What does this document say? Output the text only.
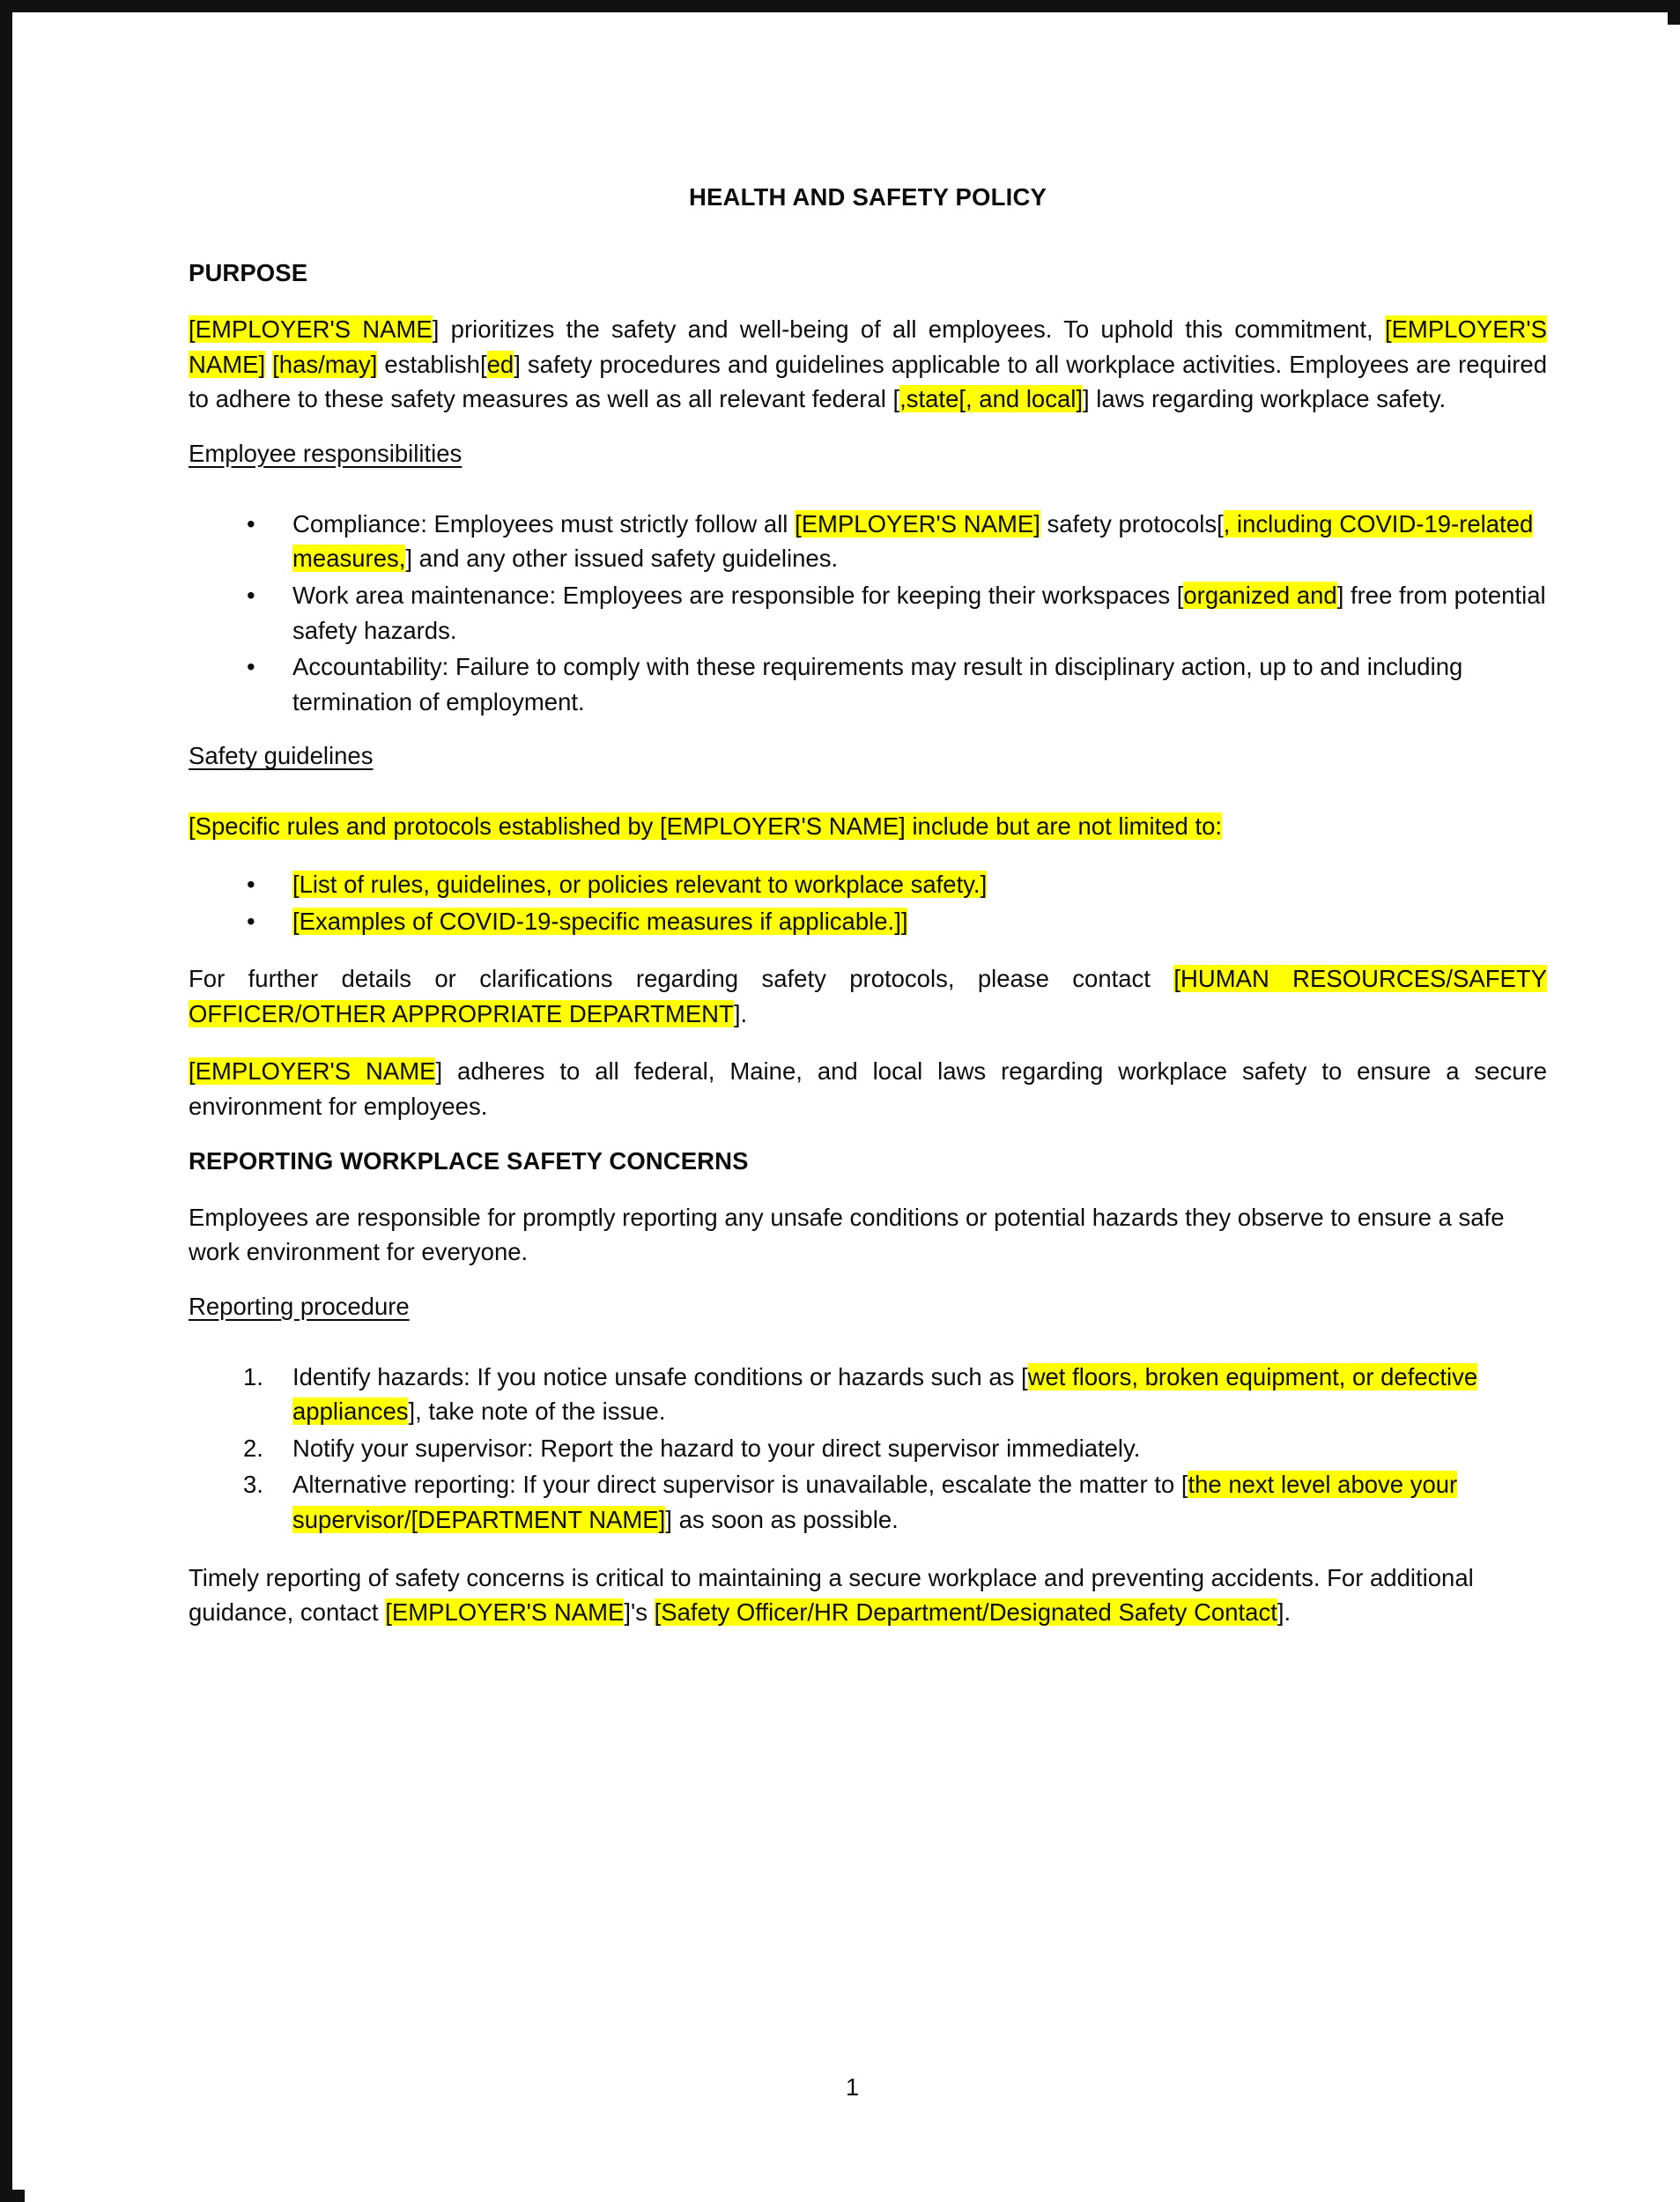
HEALTH AND SAFETY POLICY
PURPOSE

[EMPLOYER'S NAME] prioritizes the safety and well-being of all employees. To uphold this commitment, [EMPLOYER'S NAME] [has/may] establish[ed] safety procedures and guidelines applicable to all workplace activities. Employees are required to adhere to these safety measures as well as all relevant federal [,state[, and local]] laws regarding workplace safety.

Employee responsibilities
• Compliance: Employees must strictly follow all [EMPLOYER'S NAME] safety protocols[, including COVID-19-related measures,] and any other issued safety guidelines.
• Work area maintenance: Employees are responsible for keeping their workspaces [organized and] free from potential safety hazards.
• Accountability: Failure to comply with these requirements may result in disciplinary action, up to and including termination of employment.
Safety guidelines

[Specific rules and protocols established by [EMPLOYER'S NAME] include but are not limited to:

• [List of rules, guidelines, or policies relevant to workplace safety.]
• [Examples of COVID-19-specific measures if applicable.]]

For further details or clarifications regarding safety protocols, please contact [HUMAN RESOURCES/SAFETY OFFICER/OTHER APPROPRIATE DEPARTMENT].

[EMPLOYER'S NAME] adheres to all federal, Maine, and local laws regarding workplace safety to ensure a secure environment for employees.

REPORTING WORKPLACE SAFETY CONCERNS

Employees are responsible for promptly reporting any unsafe conditions or potential hazards they observe to ensure a safe work environment for everyone.

Reporting procedure
Identify hazards: If you notice unsafe conditions or hazards such as [wet floors, broken equipment, or defective appliances], take note of the issue.
Notify your supervisor: Report the hazard to your direct supervisor immediately.
Alternative reporting: If your direct supervisor is unavailable, escalate the matter to [the next level above your supervisor/[DEPARTMENT NAME]] as soon as possible.

Timely reporting of safety concerns is critical to maintaining a secure workplace and preventing accidents. For additional guidance, contact [EMPLOYER'S NAME]'s [Safety Officer/HR Department/Designated Safety Contact].

1
